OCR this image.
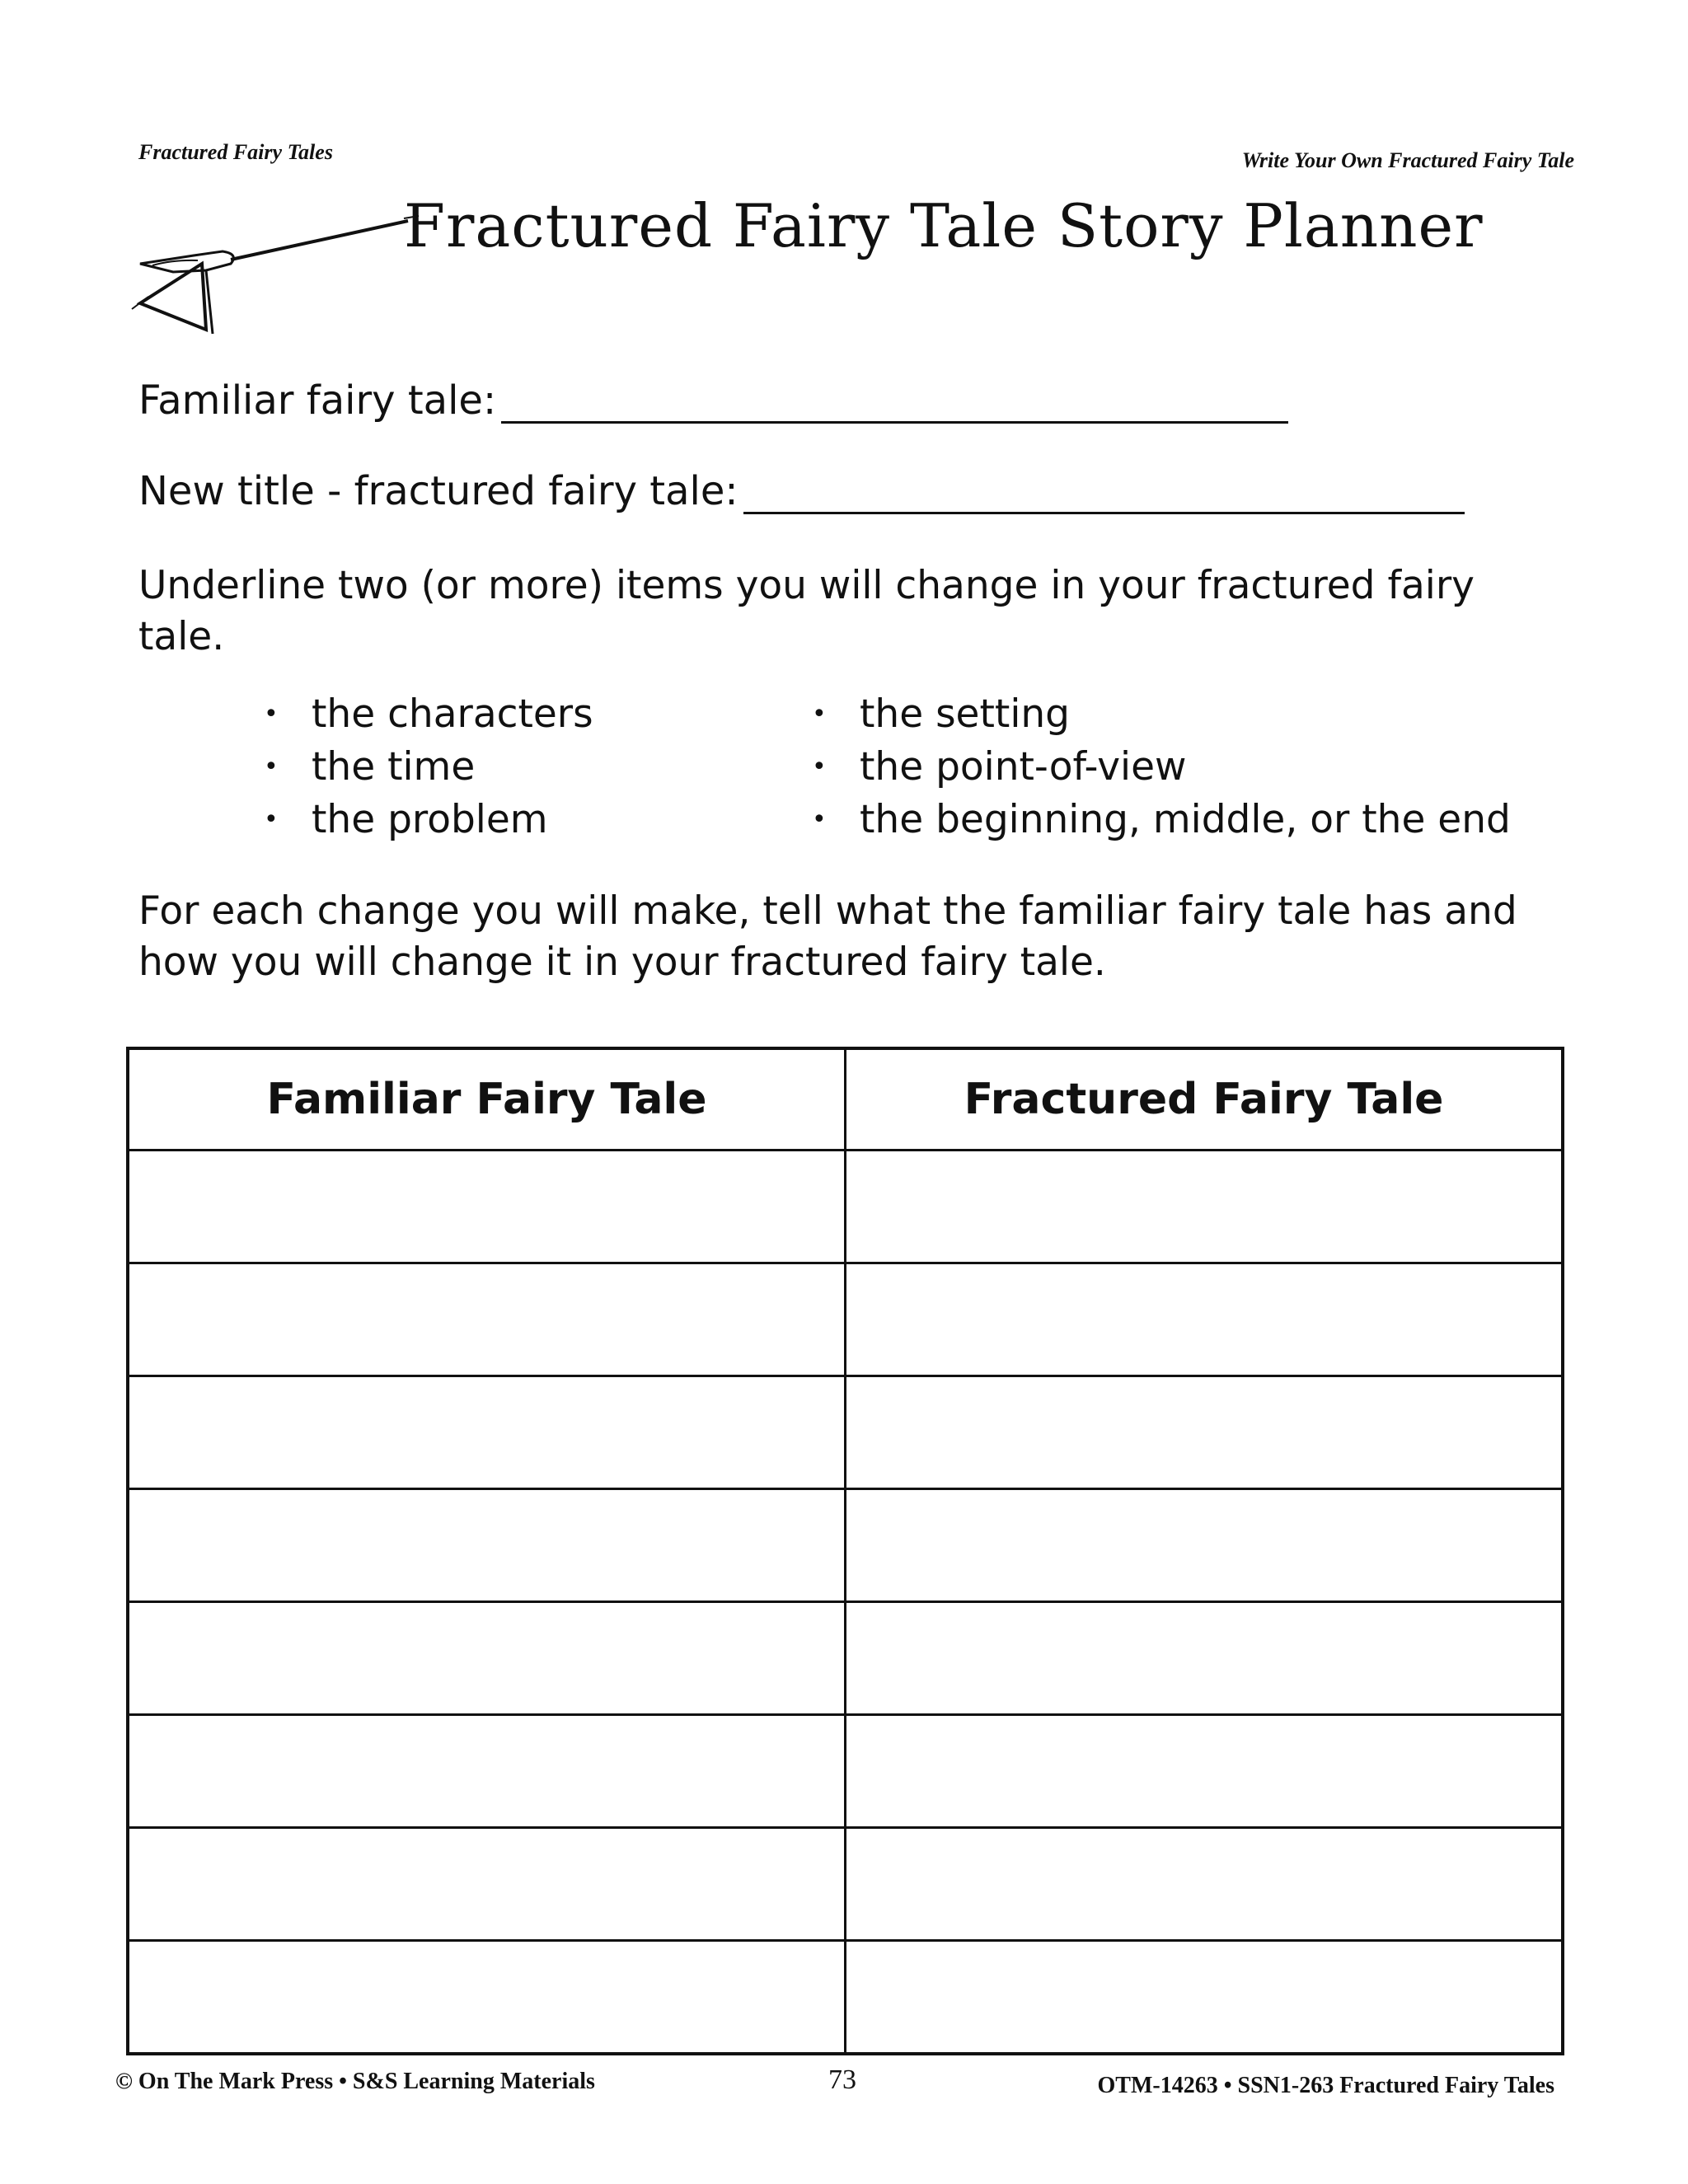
Fractured Fairy Tales	Write Your Own Fractured Fairy Tale
Fractured Fairy Tale Story Planner
Familiar fairy tale:
New title - fractured fairy tale:
Underline two (or more) items you will change in your fractured fairy tale.
• the characters
• the time
• the problem
• the setting
• the point-of-view
• the beginning, middle, or the end
For each change you will make, tell what the familiar fairy tale has and how you will change it in your fractured fairy tale.
Familiar Fairy Tale	Fractured Fairy Tale

© On The Mark Press • S&S Learning Materials	73	OTM-14263 • SSN1-263 Fractured Fairy Tales
